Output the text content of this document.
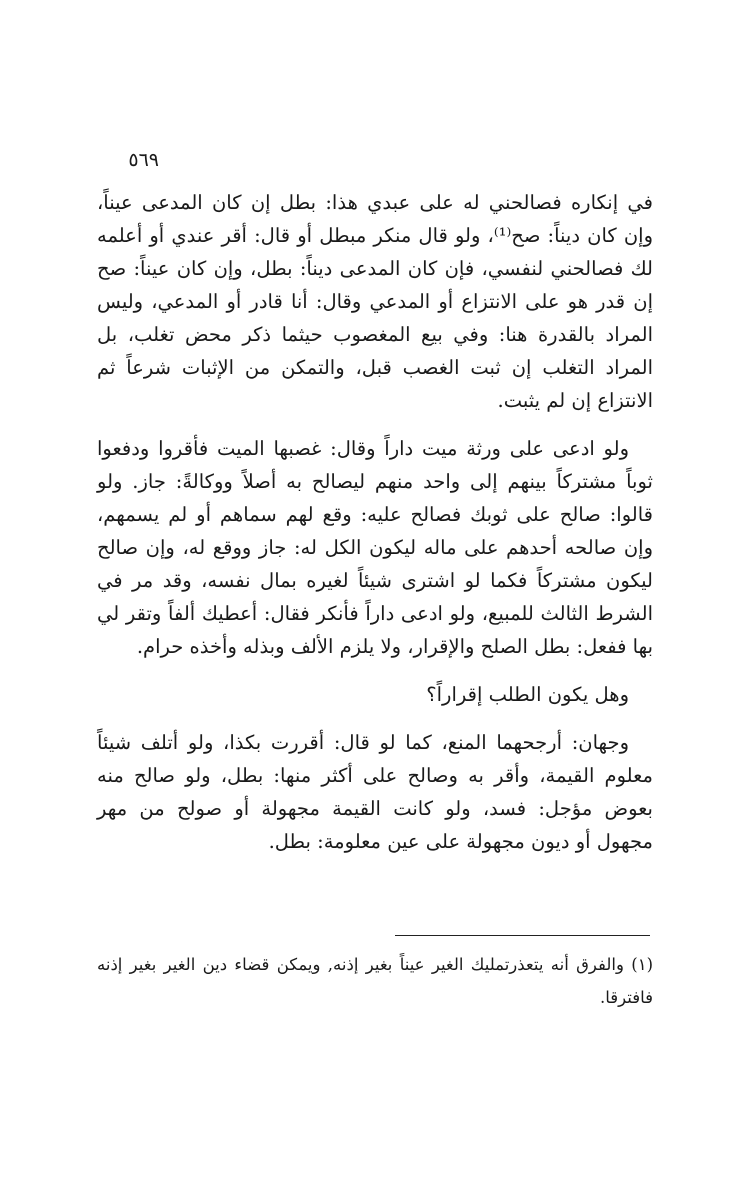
٥٦٩

في إنكاره فصالحني له على عبدي هذا: بطل إن كان المدعى عيناً، وإن كان ديناً: صح⁽¹⁾، ولو قال منكر مبطل أو قال: أقر عندي أو أعلمه لك فصالحني لنفسي، فإن كان المدعى ديناً: بطل، وإن كان عيناً: صح إن قدر هو على الانتزاع أو المدعي وقال: أنا قادر أو المدعي، وليس المراد بالقدرة هنا: وفي بيع المغصوب حيثما ذكر محض تغلب، بل المراد التغلب إن ثبت الغصب قبل، والتمكن من الإثبات شرعاً ثم الانتزاع إن لم يثبت.

ولو ادعى على ورثة ميت داراً وقال: غصبها الميت فأقروا ودفعوا ثوباً مشتركاً بينهم إلى واحد منهم ليصالح به أصلاً ووكالةً: جاز. ولو قالوا: صالح على ثوبك فصالح عليه: وقع لهم سماهم أو لم يسمهم، وإن صالحه أحدهم على ماله ليكون الكل له: جاز ووقع له، وإن صالح ليكون مشتركاً فكما لو اشترى شيئاً لغيره بمال نفسه، وقد مر في الشرط الثالث للمبيع، ولو ادعى داراً فأنكر فقال: أعطيك ألفاً وتقر لي بها ففعل: بطل الصلح والإقرار، ولا يلزم الألف وبذله وأخذه حرام.

وهل يكون الطلب إقراراً؟

وجهان: أرجحهما المنع، كما لو قال: أقررت بكذا، ولو أتلف شيئاً معلوم القيمة، وأقر به وصالح على أكثر منها: بطل، ولو صالح منه بعوض مؤجل: فسد، ولو كانت القيمة مجهولة أو صولح من مهر مجهول أو ديون مجهولة على عين معلومة: بطل.

(١) والفرق أنه يتعذرتمليك الغير عيناً بغير إذنه, ويمكن قضاء دين الغير بغير إذنه فافترقا.
